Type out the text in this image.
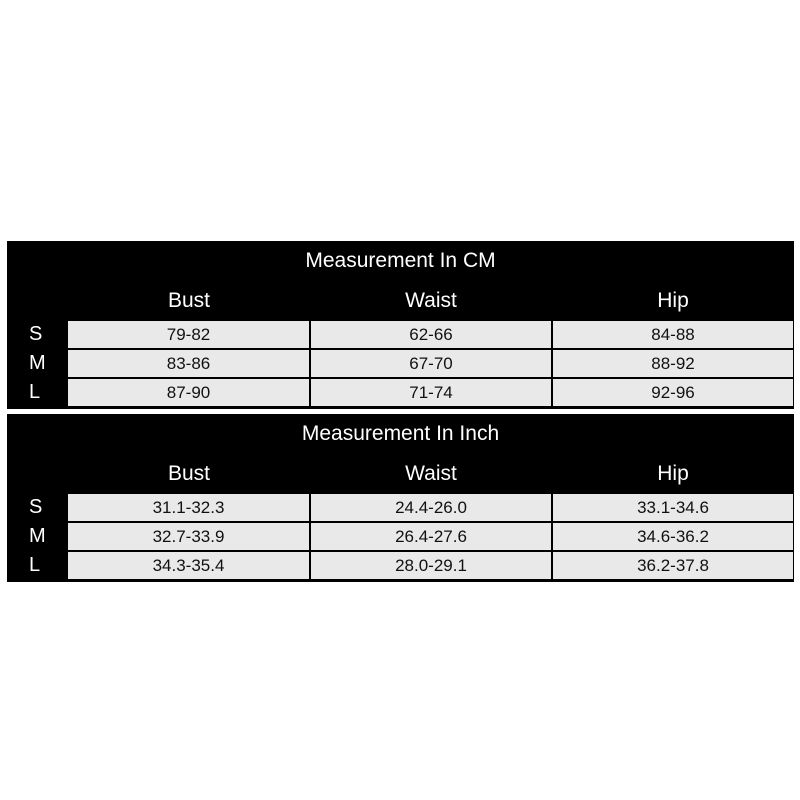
Measurement In CM
Bust	Waist	Hip
S	79-82	62-66	84-88
M	83-86	67-70	88-92
L	87-90	71-74	92-96
Measurement In Inch
Bust	Waist	Hip
S	31.1-32.3	24.4-26.0	33.1-34.6
M	32.7-33.9	26.4-27.6	34.6-36.2
L	34.3-35.4	28.0-29.1	36.2-37.8
